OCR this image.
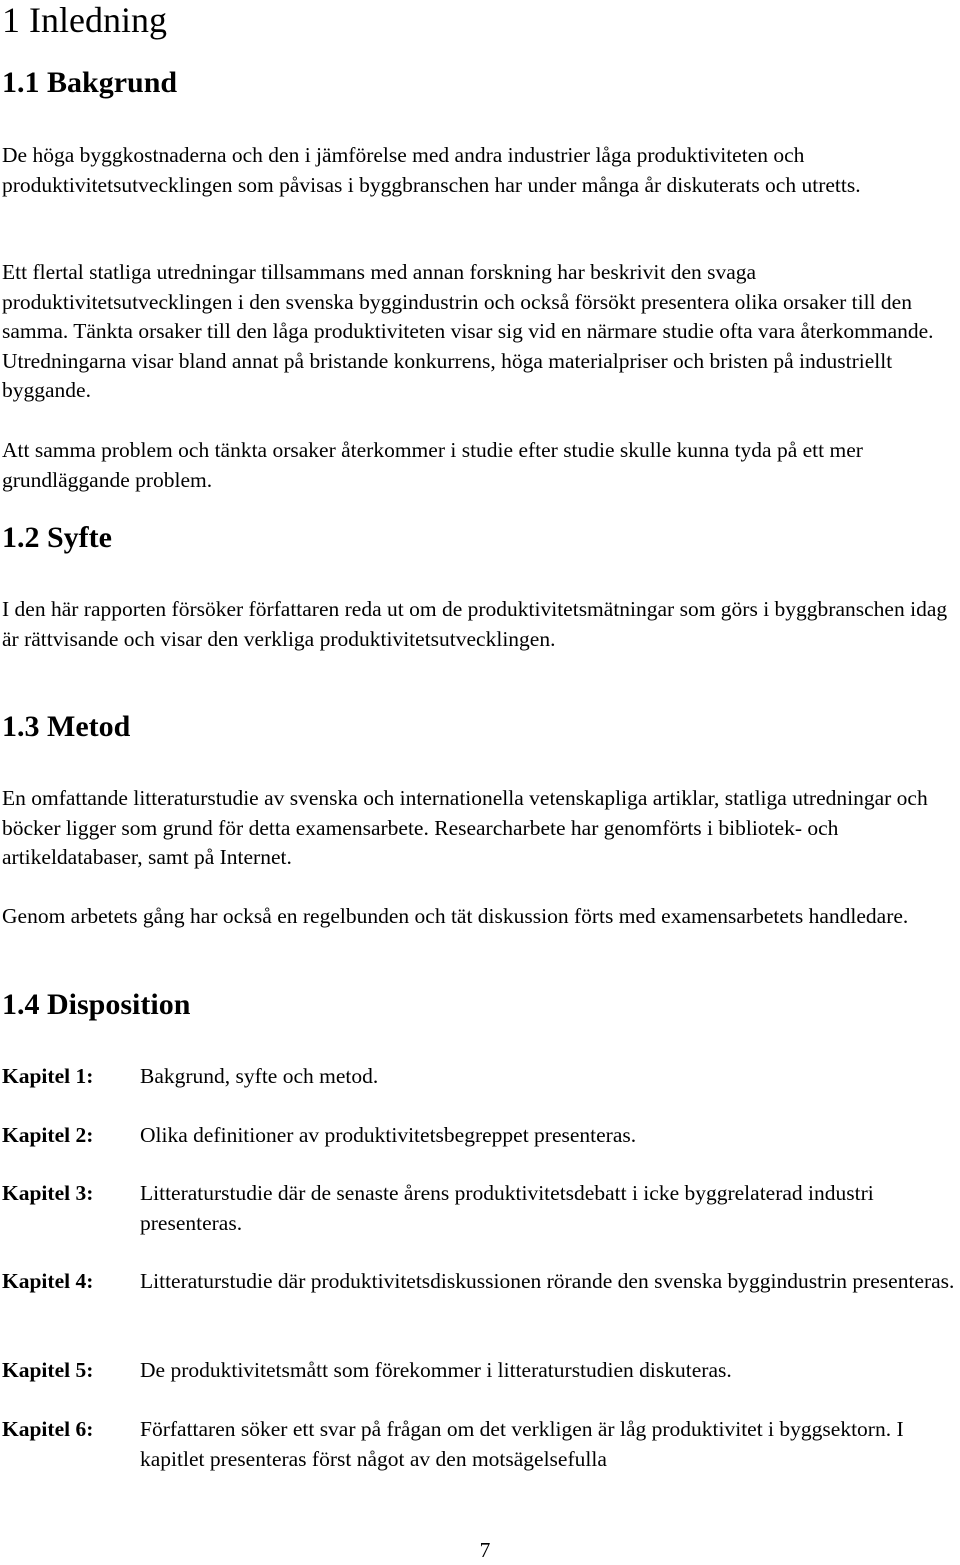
1 Inledning
1.1 Bakgrund

De höga byggkostnaderna och den i jämförelse med andra industrier låga produktiviteten och produktivitetsutvecklingen som påvisas i byggbranschen har under många år diskuterats och utretts.

Ett flertal statliga utredningar tillsammans med annan forskning har beskrivit den svaga produktivitetsutvecklingen i den svenska byggindustrin och också försökt presentera olika orsaker till den samma. Tänkta orsaker till den låga produktiviteten visar sig vid en närmare studie ofta vara återkommande. Utredningarna visar bland annat på bristande konkurrens, höga materialpriser och bristen på industriellt byggande.

Att samma problem och tänkta orsaker återkommer i studie efter studie skulle kunna tyda på ett mer grundläggande problem.

1.2 Syfte

I den här rapporten försöker författaren reda ut om de produktivitetsmätningar som görs i byggbranschen idag är rättvisande och visar den verkliga produktivitetsutvecklingen.

1.3 Metod

En omfattande litteraturstudie av svenska och internationella vetenskapliga artiklar, statliga utredningar och böcker ligger som grund för detta examensarbete. Researcharbete har genomförts i bibliotek- och artikeldatabaser, samt på Internet.

Genom arbetets gång har också en regelbunden och tät diskussion förts med examensarbetets handledare.

1.4 Disposition
Kapitel 1: Bakgrund, syfte och metod.
Kapitel 2: Olika definitioner av produktivitetsbegreppet presenteras.
Kapitel 3: Litteraturstudie där de senaste årens produktivitetsdebatt i icke byggrelaterad industri presenteras.
Kapitel 4: Litteraturstudie där produktivitetsdiskussionen rörande den svenska byggindustrin presenteras.
Kapitel 5: De produktivitetsmått som förekommer i litteraturstudien diskuteras.
Kapitel 6: Författaren söker ett svar på frågan om det verkligen är låg produktivitet i byggsektorn. I kapitlet presenteras först något av den motsägelsefulla
7
